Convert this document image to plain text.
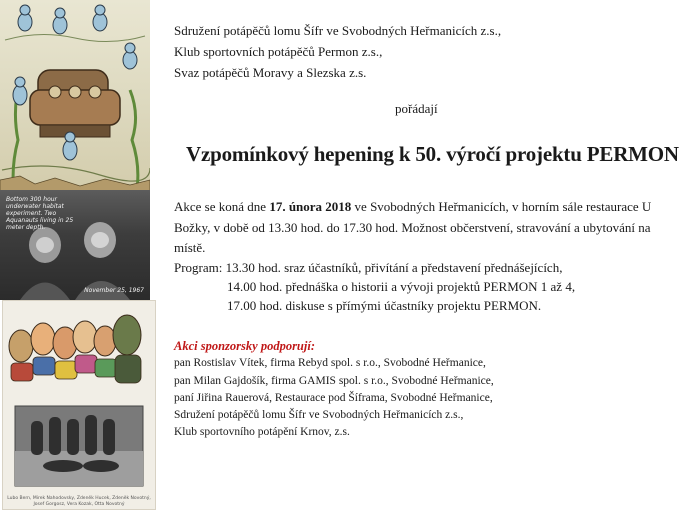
Bottom 300 hour underwater habitat experiment. Two Aquanauts living in 25 meter depth.
November 25, 1967
Lubo Bern, Mirek Nahodovsky, Zdeněk Hucek, Zdeněk Novotný, Josef Gorgosz, Vera Kozak, Otta Novotný
Sdružení potápěčů lomu Šífr ve Svobodných Heřmanicích z.s.,
Klub sportovních potápěčů Permon z.s.,
Svaz potápěčů Moravy a Slezska z.s.
pořádají
Vzpomínkový hepening k 50. výročí projektu PERMON
Akce se koná dne 17. února 2018 ve Svobodných Heřmanicích, v horním sále restaurace U
Božky, v době od 13.30 hod. do 17.30 hod. Možnost občerstvení, stravování a ubytování na
místě.
Program: 13.30 hod. sraz účastníků, přivítání a představení přednášejících,
14.00 hod. přednáška o historii a vývoji projektů PERMON 1 až 4,
17.00 hod. diskuse s přímými účastníky projektu PERMON.
Akci sponzorsky podporují:
pan Rostislav Vítek, firma Rebyd spol. s r.o., Svobodné Heřmanice,
pan Milan Gajdošík, firma GAMIS spol. s r.o., Svobodné Heřmanice,
paní Jiřina Rauerová, Restaurace pod Šíframa, Svobodné Heřmanice,
Sdružení potápěčů lomu Šífr ve Svobodných Heřmanicích z.s.,
Klub sportovního potápění Krnov, z.s.
